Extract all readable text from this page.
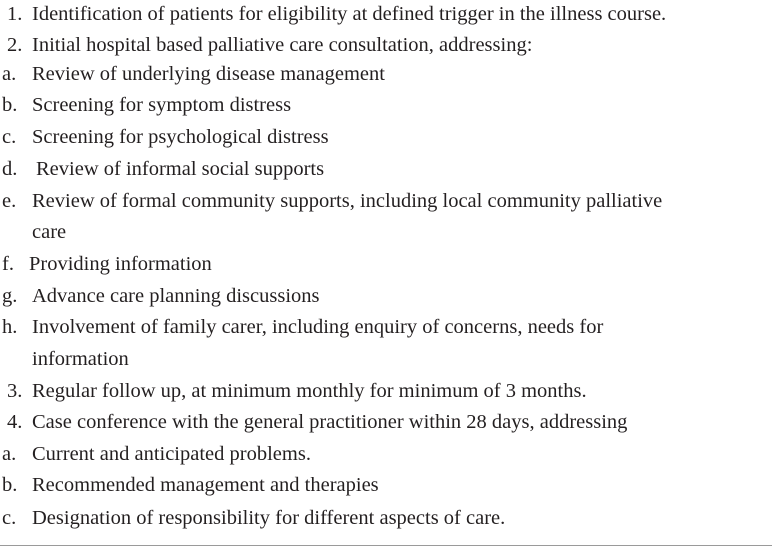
1. Identification of patients for eligibility at defined trigger in the illness course.
2. Initial hospital based palliative care consultation, addressing:
a. Review of underlying disease management
b. Screening for symptom distress
c. Screening for psychological distress
d. Review of informal social supports
e. Review of formal community supports, including local community palliative
care
f. Providing information
g. Advance care planning discussions
h. Involvement of family carer, including enquiry of concerns, needs for
information
3. Regular follow up, at minimum monthly for minimum of 3 months.
4. Case conference with the general practitioner within 28 days, addressing
a. Current and anticipated problems.
b. Recommended management and therapies
c. Designation of responsibility for different aspects of care.
